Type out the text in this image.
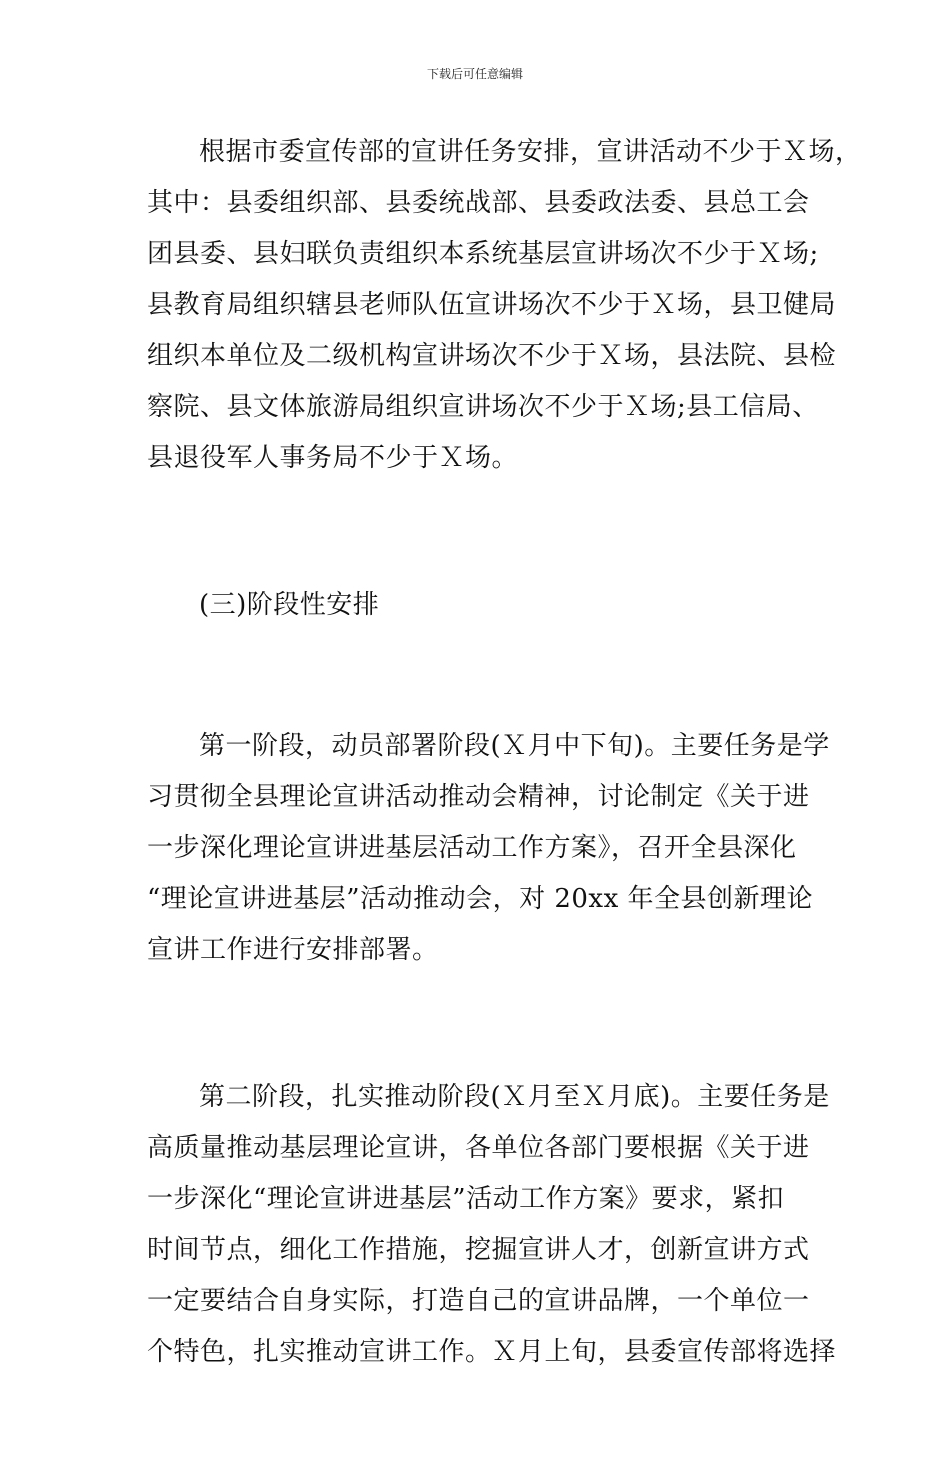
下载后可任意编辑
根据市委宣传部的宣讲任务安排，宣讲活动不少于Ｘ场，
其中：县委组织部、县委统战部、县委政法委、县总工会
团县委、县妇联负责组织本系统基层宣讲场次不少于Ｘ场;
县教育局组织辖县老师队伍宣讲场次不少于Ｘ场，县卫健局
组织本单位及二级机构宣讲场次不少于Ｘ场，县法院、县检
察院、县文体旅游局组织宣讲场次不少于Ｘ场;县工信局、
县退役军人事务局不少于Ｘ场。
(三)阶段性安排
第一阶段，动员部署阶段(Ｘ月中下旬)。主要任务是学
习贯彻全县理论宣讲活动推动会精神，讨论制定《关于进
一步深化理论宣讲进基层活动工作方案》，召开全县深化
“理论宣讲进基层”活动推动会，对 20xx 年全县创新理论
宣讲工作进行安排部署。
第二阶段，扎实推动阶段(Ｘ月至Ｘ月底)。主要任务是
高质量推动基层理论宣讲，各单位各部门要根据《关于进
一步深化“理论宣讲进基层”活动工作方案》要求，紧扣
时间节点，细化工作措施，挖掘宣讲人才，创新宣讲方式
一定要结合自身实际，打造自己的宣讲品牌，一个单位一
个特色，扎实推动宣讲工作。Ｘ月上旬，县委宣传部将选择
